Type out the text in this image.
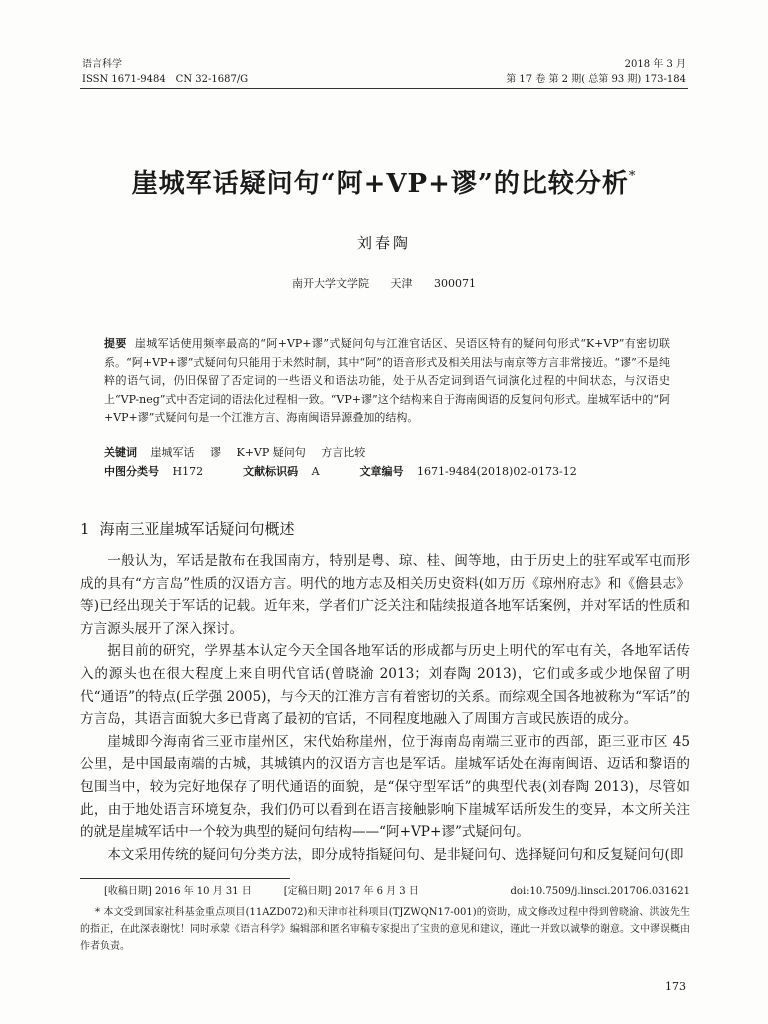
语言科学
ISSN 1671-9484　CN 32-1687/G
2018 年 3 月
第 17 卷 第 2 期( 总第 93 期) 173-184
崖城军话疑问句“阿+VP+谬”的比较分析*
刘春陶
南开大学文学院 天津 300071
提要 崖城军话使用频率最高的“阿+VP+谬”式疑问句与江淮官话区、吴语区特有的疑问句形式“K+VP”有密切联系。“阿+VP+谬”式疑问句只能用于未然时制，其中“阿”的语音形式及相关用法与南京等方言非常接近。“谬”不是纯粹的语气词，仍旧保留了否定词的一些语义和语法功能，处于从否定词到语气词演化过程的中间状态，与汉语史上“VP-neg”式中否定词的语法化过程相一致。“VP+谬”这个结构来自于海南闽语的反复问句形式。崖城军话中的“阿+VP+谬”式疑问句是一个江淮方言、海南闽语异源叠加的结构。
关键词 崖城军话 谬 K+VP 疑问句 方言比较
中图分类号 H172	文献标识码 A	文章编号 1671-9484(2018)02-0173-12
1 海南三亚崖城军话疑问句概述

一般认为，军话是散布在我国南方，特别是粤、琼、桂、闽等地，由于历史上的驻军或军屯而形成的具有“方言岛”性质的汉语方言。明代的地方志及相关历史资料(如万历《琼州府志》和《儋县志》等)已经出现关于军话的记载。近年来，学者们广泛关注和陆续报道各地军话案例，并对军话的性质和方言源头展开了深入探讨。

据目前的研究，学界基本认定今天全国各地军话的形成都与历史上明代的军屯有关，各地军话传入的源头也在很大程度上来自明代官话(曾晓渝 2013；刘春陶 2013)，它们或多或少地保留了明代“通语”的特点(丘学强 2005)，与今天的江淮方言有着密切的关系。而综观全国各地被称为“军话”的方言岛，其语言面貌大多已背离了最初的官话，不同程度地融入了周围方言或民族语的成分。

崖城即今海南省三亚市崖州区，宋代始称崖州，位于海南岛南端三亚市的西部，距三亚市区 45 公里，是中国最南端的古城，其城镇内的汉语方言也是军话。崖城军话处在海南闽语、迈话和黎语的包围当中，较为完好地保存了明代通语的面貌，是“保守型军话”的典型代表(刘春陶 2013)，尽管如此，由于地处语言环境复杂，我们仍可以看到在语言接触影响下崖城军话所发生的变异，本文所关注的就是崖城军话中一个较为典型的疑问句结构——“阿+VP+谬”式疑问句。

本文采用传统的疑问句分类方法，即分成特指疑问句、是非疑问句、选择疑问句和反复疑问句(即

[收稿日期] 2016 年 10 月 31 日	[定稿日期] 2017 年 6 月 3 日	doi:10.7509/j.linsci.201706.031621
* 本文受到国家社科基金重点项目(11AZD072)和天津市社科项目(TJZWQN17-001)的资助，成文修改过程中得到曾晓渝、洪波先生的指正，在此深表谢忱！同时承蒙《语言科学》编辑部和匿名审稿专家提出了宝贵的意见和建议，谨此一并致以诚挚的谢意。文中谬误概由作者负责。
173
